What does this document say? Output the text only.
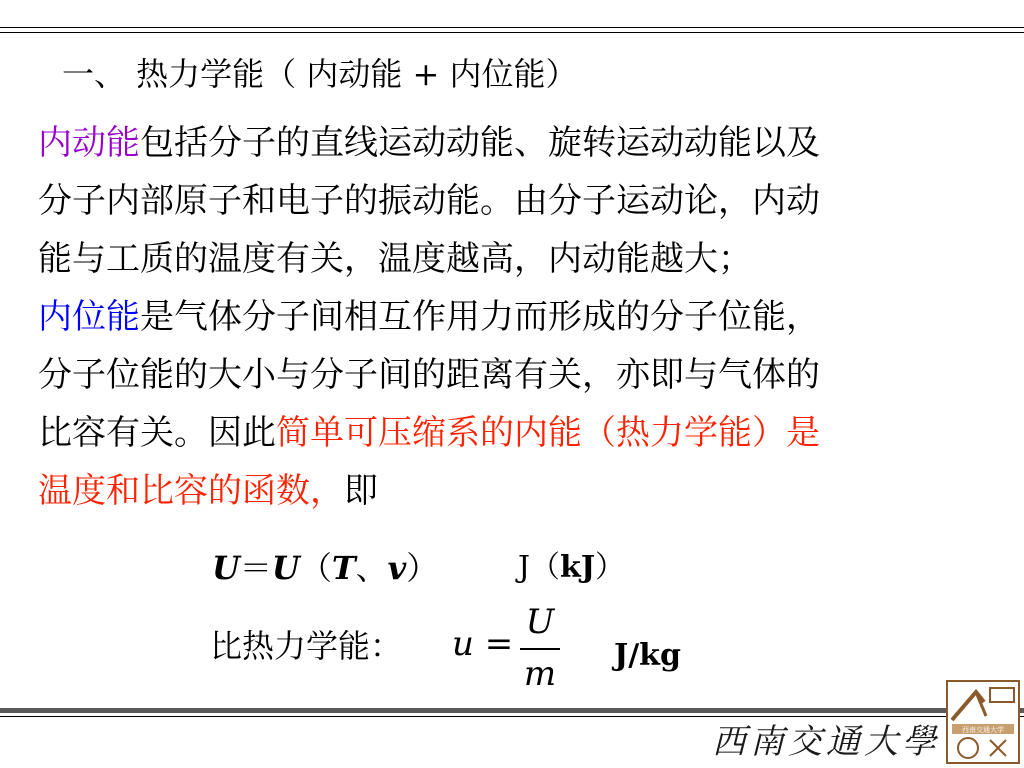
一、 热力学能（ 内动能 + 内位能）
内动能包括分子的直线运动动能、旋转运动动能以及
分子内部原子和电子的振动能。由分子运动论，内动
能与工质的温度有关，温度越高，内动能越大；
内位能是气体分子间相互作用力而形成的分子位能，
分子位能的大小与分子间的距离有关，亦即与气体的
比容有关。因此简单可压缩系的内能（热力学能）是
温度和比容的函数，即
U＝U（T、v）	J（kJ）
比热力学能： u =
U
m J/kg
西南交通大學	西南交通大学
